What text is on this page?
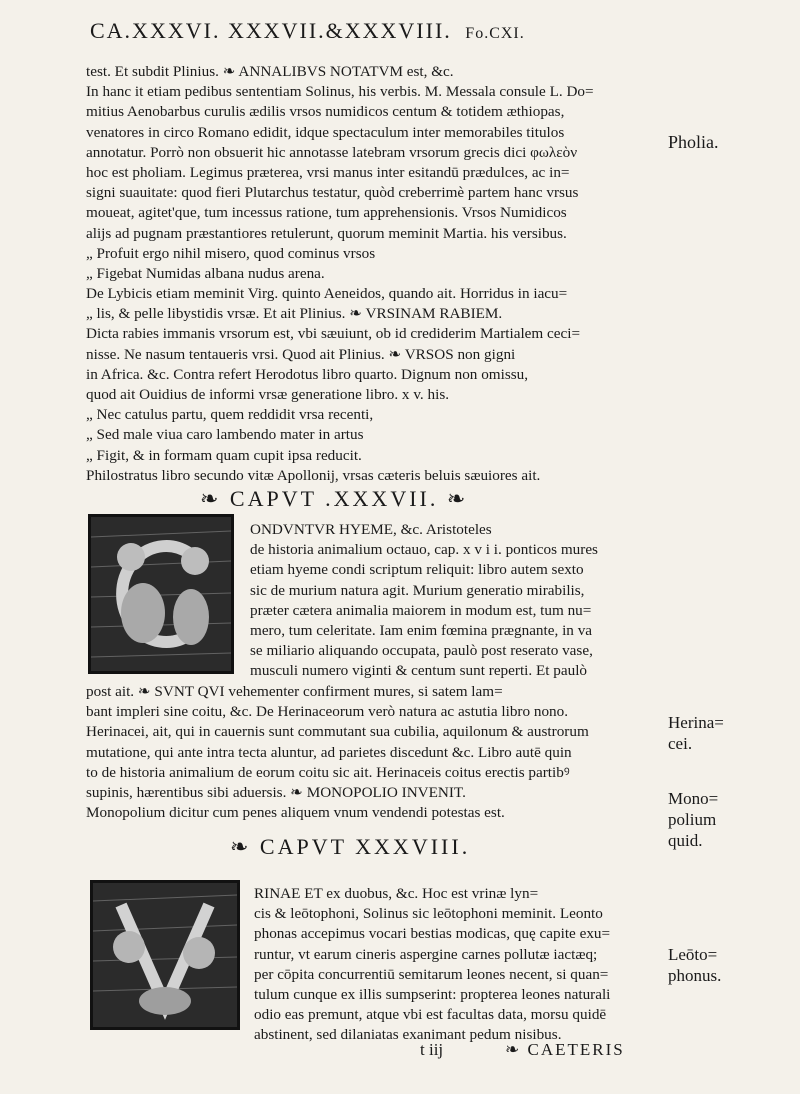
CA.XXXVI. XXXVII.&XXXVIII. Fo.CXI.
test. Et subdit Plinius. ❧ ANNALIBVS NOTATVM est, &c.
In hanc it etiam pedibus sententiam Solinus, his verbis. M. Messala consule L. Do=
mitius Aenobarbus curulis ædilis vrsos numidicos centum & totidem æthiopas,
venatores in circo Romano edidit, idque spectaculum inter memorabiles titulos
annotatur. Porrò non obsuerit hic annotasse latebram vrsorum grecis dici φωλεὸν
hoc est pholiam. Legimus præterea, vrsi manus inter esitandū prædulces, ac in=
signi suauitate: quod fieri Plutarchus testatur, quòd creberrimè partem hanc vrsus
moueat, agitet'que, tum incessus ratione, tum apprehensionis. Vrsos Numidicos
alijs ad pugnam præstantiores retulerunt, quorum meminit Martia. his versibus.
„ Profuit ergo nihil misero, quod cominus vrsos
„ Figebat Numidas albana nudus arena.
De Lybicis etiam meminit Virg. quinto Aeneidos, quando ait. Horridus in iacu=
„ lis, & pelle libystidis vrsæ. Et ait Plinius. ❧ VRSINAM RABIEM.
Dicta rabies immanis vrsorum est, vbi sæuiunt, ob id crediderim Martialem ceci=
nisse. Ne nasum tentaueris vrsi. Quod ait Plinius. ❧ VRSOS non gigni
in Africa. &c. Contra refert Herodotus libro quarto. Dignum non omissu,
quod ait Ouidius de informi vrsæ generatione libro. x v. his.
„ Nec catulus partu, quem reddidit vrsa recenti,
„ Sed male viua caro lambendo mater in artus
„ Figit, & in formam quam cupit ipsa reducit.
Philostratus libro secundo vitæ Apollonij, vrsas cæteris beluis sæuiores ait.
❧ CAPVT .XXXVII. ❧
ONDVNTVR HYEME, &c. Aristoteles
de historia animalium octauo, cap. x v i i. ponticos mures
etiam hyeme condi scriptum reliquit: libro autem sexto
sic de murium natura agit. Murium generatio mirabilis,
præter cætera animalia maiorem in modum est, tum nu=
mero, tum celeritate. Iam enim fœmina prægnante, in va
se miliario aliquando occupata, paulò post reserato vase,
musculi numero viginti & centum sunt reperti. Et paulò
post ait. ❧ SVNT QVI vehementer confirment mures, si satem lam=
bant impleri sine coitu, &c. De Herinaceorum verò natura ac astutia libro nono.
Herinacei, ait, qui in cauernis sunt commutant sua cubilia, aquilonum & austrorum
mutatione, qui ante intra tecta aluntur, ad parietes discedunt &c. Libro autē quin
to de historia animalium de eorum coitu sic ait. Herinaceis coitus erectis partibꝰ
supinis, hærentibus sibi aduersis. ❧ MONOPOLIO INVENIT.
Monopolium dicitur cum penes aliquem vnum vendendi potestas est.
❧ CAPVT XXXVIII.
RINAE ET ex duobus, &c. Hoc est vrinæ lyn=
cis & leōtophoni, Solinus sic leōtophoni meminit. Leonto
phonas accepimus vocari bestias modicas, quę capite exu=
runtur, vt earum cineris aspergine carnes pollutæ iactæq;
per cōpita concurrentiū semitarum leones necent, si quan=
tulum cunque ex illis sumpserint: propterea leones naturali
odio eas premunt, atque vbi est facultas data, morsu quidē
abstinent, sed dilaniatas exanimant pedum nisibus.
Pholia.
Herina=
cei.
Mono=
polium
quid.
Leōto=
phonus.
t iij	❧ CAETERIS
